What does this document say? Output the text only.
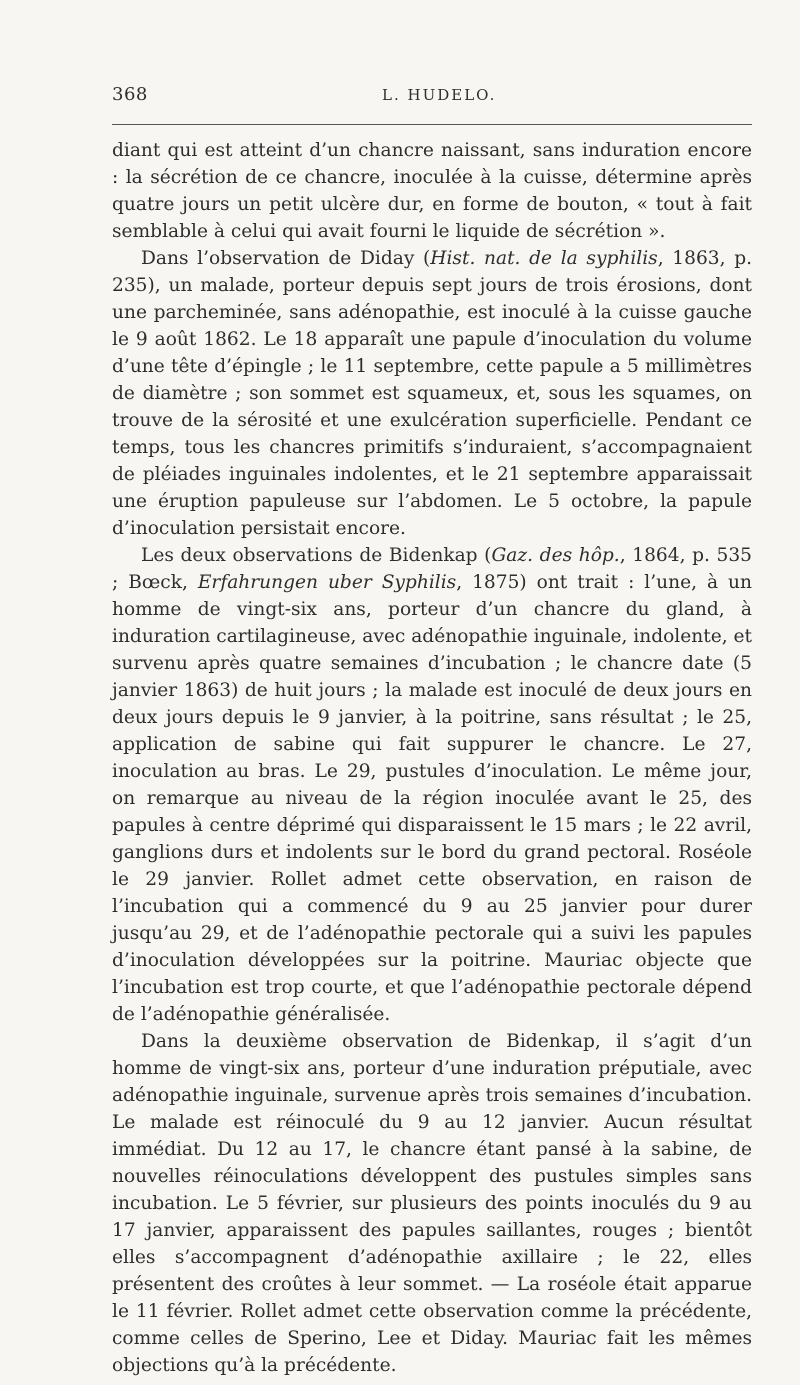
368	L. HUDELO.

diant qui est atteint d’un chancre naissant, sans induration encore : la sécrétion de ce chancre, inoculée à la cuisse, détermine après quatre jours un petit ulcère dur, en forme de bouton, « tout à fait semblable à celui qui avait fourni le liquide de sécrétion ».

Dans l’observation de Diday (Hist. nat. de la syphilis, 1863, p. 235), un malade, porteur depuis sept jours de trois érosions, dont une parcheminée, sans adénopathie, est inoculé à la cuisse gauche le 9 août 1862. Le 18 apparaît une papule d’inoculation du volume d’une tête d’épingle ; le 11 septembre, cette papule a 5 millimètres de diamètre ; son sommet est squameux, et, sous les squames, on trouve de la sérosité et une exulcération superficielle. Pendant ce temps, tous les chancres primitifs s’induraient, s’accompagnaient de pléiades inguinales indolentes, et le 21 septembre apparaissait une éruption papuleuse sur l’abdomen. Le 5 octobre, la papule d’inoculation persistait encore.

Les deux observations de Bidenkap (Gaz. des hôp., 1864, p. 535 ; Bœck, Erfahrungen uber Syphilis, 1875) ont trait : l’une, à un homme de vingt-six ans, porteur d’un chancre du gland, à induration cartilagineuse, avec adénopathie inguinale, indolente, et survenu après quatre semaines d’incubation ; le chancre date (5 janvier 1863) de huit jours ; la malade est inoculé de deux jours en deux jours depuis le 9 janvier, à la poitrine, sans résultat ; le 25, application de sabine qui fait suppurer le chancre. Le 27, inoculation au bras. Le 29, pustules d’inoculation. Le même jour, on remarque au niveau de la région inoculée avant le 25, des papules à centre déprimé qui disparaissent le 15 mars ; le 22 avril, ganglions durs et indolents sur le bord du grand pectoral. Roséole le 29 janvier. Rollet admet cette observation, en raison de l’incubation qui a commencé du 9 au 25 janvier pour durer jusqu’au 29, et de l’adénopathie pectorale qui a suivi les papules d’inoculation développées sur la poitrine. Mauriac objecte que l’incubation est trop courte, et que l’adénopathie pectorale dépend de l’adénopathie généralisée.

Dans la deuxième observation de Bidenkap, il s’agit d’un homme de vingt-six ans, porteur d’une induration préputiale, avec adénopathie inguinale, survenue après trois semaines d’incubation. Le malade est réinoculé du 9 au 12 janvier. Aucun résultat immédiat. Du 12 au 17, le chancre étant pansé à la sabine, de nouvelles réinoculations développent des pustules simples sans incubation. Le 5 février, sur plusieurs des points inoculés du 9 au 17 janvier, apparaissent des papules saillantes, rouges ; bientôt elles s’accompagnent d’adénopathie axillaire ; le 22, elles présentent des croûtes à leur sommet. — La roséole était apparue le 11 février. Rollet admet cette observation comme la précédente, comme celles de Sperino, Lee et Diday. Mauriac fait les mêmes objections qu’à la précédente.
